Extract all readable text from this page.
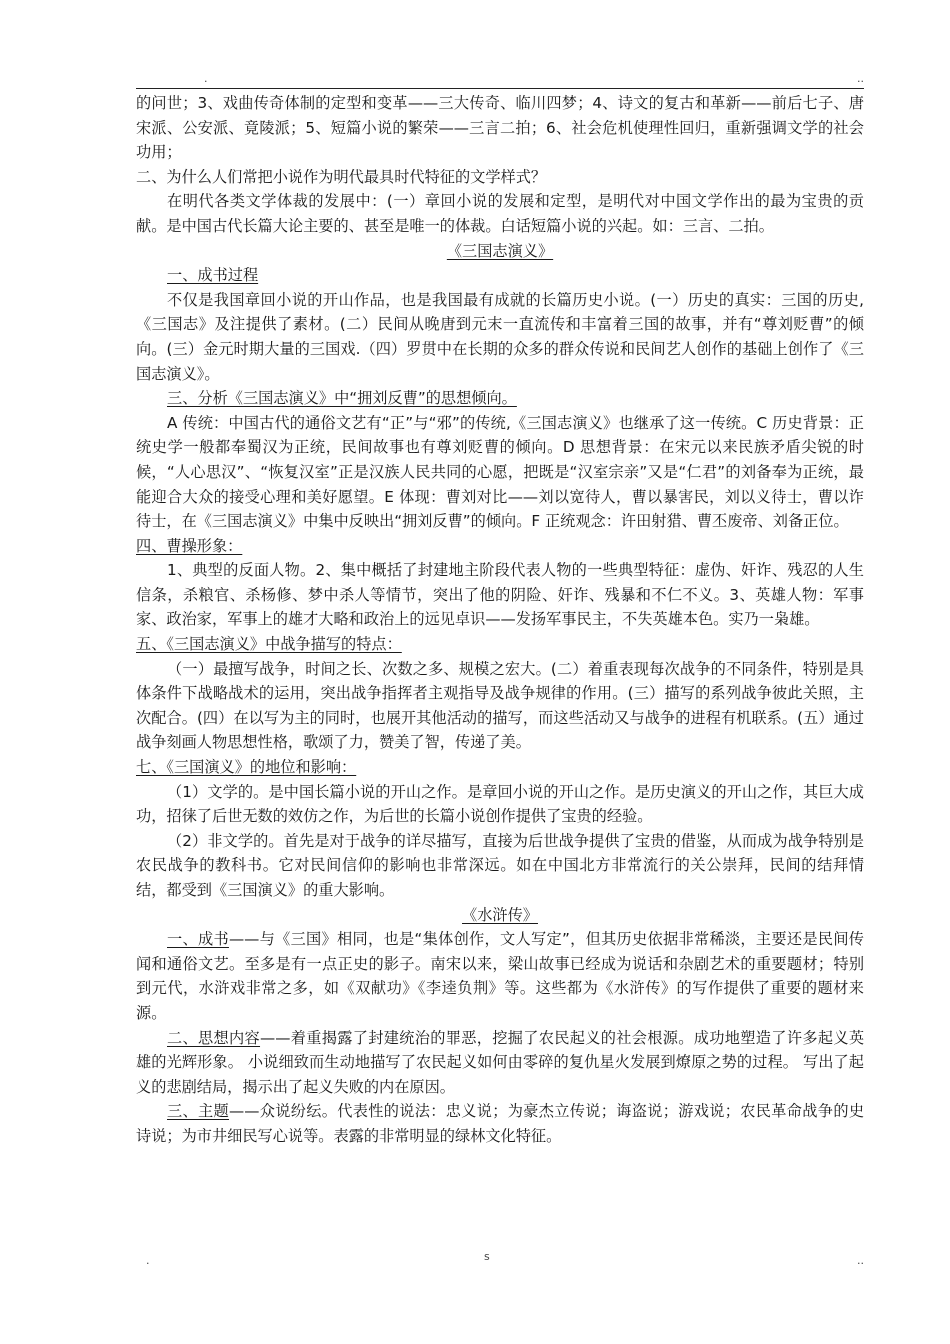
.	..

的问世；3、戏曲传奇体制的定型和变革——三大传奇、临川四梦；4、诗文的复古和革新——前后七子、唐宋派、公安派、竟陵派；5、短篇小说的繁荣——三言二拍；6、社会危机使理性回归，重新强调文学的社会功用；

二、为什么人们常把小说作为明代最具时代特征的文学样式？

在明代各类文学体裁的发展中：(一）章回小说的发展和定型，是明代对中国文学作出的最为宝贵的贡献。是中国古代长篇大论主要的、甚至是唯一的体裁。白话短篇小说的兴起。如：三言、二拍。

《三国志演义》

一、成书过程

不仅是我国章回小说的开山作品，也是我国最有成就的长篇历史小说。(一）历史的真实：三国的历史,《三国志》及注提供了素材。(二）民间从晚唐到元末一直流传和丰富着三国的故事，并有“尊刘贬曹”的倾向。(三）金元时期大量的三国戏.（四）罗贯中在长期的众多的群众传说和民间艺人创作的基础上创作了《三国志演义》。

三、分析《三国志演义》中“拥刘反曹”的思想倾向。

A 传统：中国古代的通俗文艺有“正”与“邪”的传统,《三国志演义》也继承了这一传统。C 历史背景：正统史学一般都奉蜀汉为正统，民间故事也有尊刘贬曹的倾向。D 思想背景：在宋元以来民族矛盾尖锐的时候，“人心思汉”、“恢复汉室”正是汉族人民共同的心愿，把既是“汉室宗亲”又是“仁君”的刘备奉为正统，最能迎合大众的接受心理和美好愿望。E 体现：曹刘对比——刘以宽待人，曹以暴害民，刘以义待士，曹以诈待士，在《三国志演义》中集中反映出“拥刘反曹”的倾向。F 正统观念：许田射猎、曹丕废帝、刘备正位。

四、曹操形象：

1、典型的反面人物。2、集中概括了封建地主阶段代表人物的一些典型特征：虚伪、奸诈、残忍的人生信条，杀粮官、杀杨修、梦中杀人等情节，突出了他的阴险、奸诈、残暴和不仁不义。3、英雄人物：军事家、政治家，军事上的雄才大略和政治上的远见卓识——发扬军事民主，不失英雄本色。实乃一枭雄。

五、《三国志演义》中战争描写的特点：

（一）最擅写战争，时间之长、次数之多、规模之宏大。(二）着重表现每次战争的不同条件，特别是具体条件下战略战术的运用，突出战争指挥者主观指导及战争规律的作用。(三）描写的系列战争彼此关照，主次配合。(四）在以写为主的同时，也展开其他活动的描写，而这些活动又与战争的进程有机联系。(五）通过战争刻画人物思想性格，歌颂了力，赞美了智，传递了美。

七、《三国演义》的地位和影响：

（1）文学的。是中国长篇小说的开山之作。是章回小说的开山之作。是历史演义的开山之作，其巨大成功，招徕了后世无数的效仿之作，为后世的长篇小说创作提供了宝贵的经验。

（2）非文学的。首先是对于战争的详尽描写，直接为后世战争提供了宝贵的借鉴，从而成为战争特别是农民战争的教科书。它对民间信仰的影响也非常深远。如在中国北方非常流行的关公崇拜，民间的结拜情结，都受到《三国演义》的重大影响。

《水浒传》

一、成书——与《三国》相同，也是“集体创作，文人写定”，但其历史依据非常稀淡，主要还是民间传闻和通俗文艺。至多是有一点正史的影子。南宋以来，梁山故事已经成为说话和杂剧艺术的重要题材；特别到元代，水浒戏非常之多，如《双献功》《李逵负荆》等。这些都为《水浒传》的写作提供了重要的题材来源。

二、思想内容——着重揭露了封建统治的罪恶，挖掘了农民起义的社会根源。成功地塑造了许多起义英雄的光辉形象。 小说细致而生动地描写了农民起义如何由零碎的复仇星火发展到燎原之势的过程。 写出了起义的悲剧结局，揭示出了起义失败的内在原因。

三、主题——众说纷纭。代表性的说法：忠义说；为豪杰立传说；诲盗说；游戏说；农民革命战争的史诗说；为市井细民写心说等。表露的非常明显的绿林文化特征。

.	s	..
